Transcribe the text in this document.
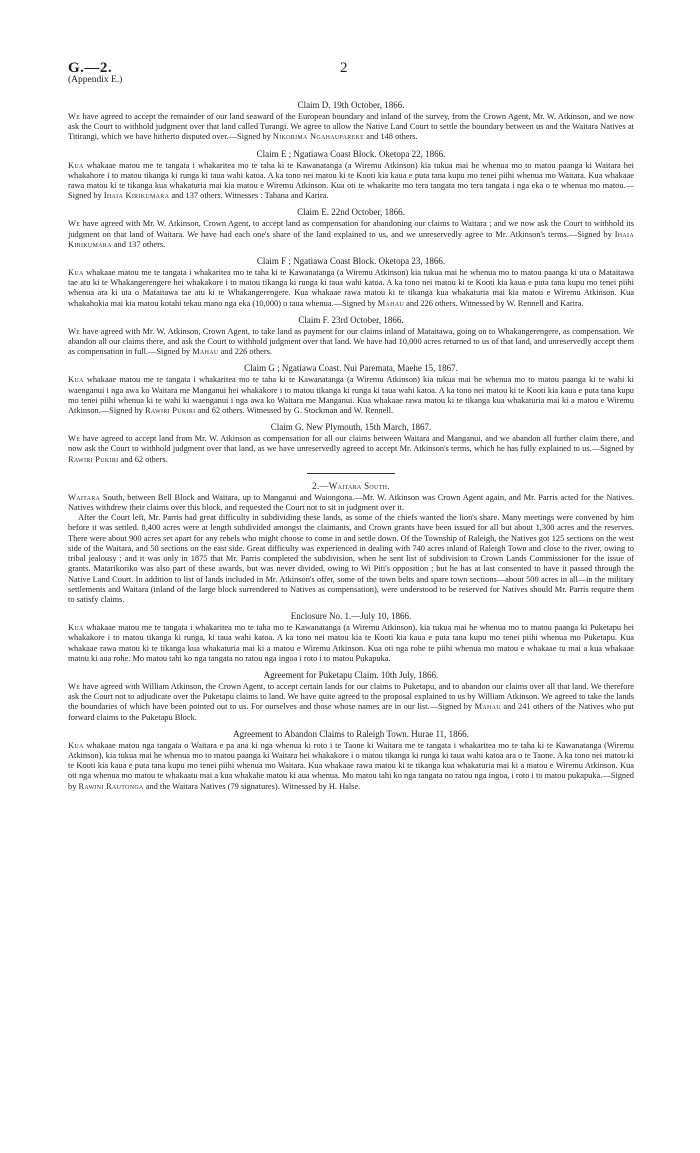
G.—2.
(Appendix E.)
2
Claim D. 19th October, 1866.

We have agreed to accept the remainder of our land seaward of the European boundary and inland of the survey, from the Crown Agent, Mr. W. Atkinson, and we now ask the Court to withhold judgment over that land called Turangi. We agree to allow the Native Land Court to settle the boundary between us and the Waitara Natives at Titirangi, which we have hitherto disputed over.—Signed by Nikorima Ngahaupareke and 148 others.

Claim E ; Ngatiawa Coast Block. Oketopa 22, 1866.

Kua whakaae matou me te tangata i whakaritea mo te taha ki te Kawanatanga (a Wiremu Atkinson) kia tukua mai he whenua mo to matou paanga ki Waitara hei whakahore i to matou tikanga ki runga ki taua wahi katoa. A ka tono nei matou ki te Kooti kia kaua e puta tana kupu mo tenei piihi whenua mo Waitara. Kua whakaae rawa matou ki te tikanga kua whakaturia mai kia matou e Wiremu Atkinson. Kua oti te whakarite mo tera tangata mo tera tangata i nga eka o te whenua mo matou.—Signed by Ihaia Kirikumara and 137 others. Witnesses : Tahana and Karira.

Claim E. 22nd October, 1866.

We have agreed with Mr. W. Atkinson, Crown Agent, to accept land as compensation for abandoning our claims to Waitara ; and we now ask the Court to withhold its judgment on that land of Waitara. We have had each one's share of the land explained to us, and we unreservedly agree to Mr. Atkinson's terms.—Signed by Ihaia Kirikumara and 137 others.

Claim F ; Ngatiawa Coast Block. Oketopa 23, 1866.

Kua whakaae matou me te tangata i whakaritea mo te taha ki te Kawanatanga (a Wiremu Atkinson) kia tukua mai he whenua mo to matou paanga ki uta o Mataitawa tae atu ki te Whakangerengere hei whakakore i to matou tikanga ki runga ki taua wahi katoa. A ka tono nei matou ki te Kooti kia kaua e puta tana kupu mo tenei piihi whenua ara ki uta o Mataitawa tae atu ki te Whakangerengere. Kua whakaae rawa matou ki te tikanga kua whakaturia mai kia matou e Wiremu Atkinson. Kua whakahokia mai kia matou kotahi tekau mano nga eka (10,000) o taua whenua.—Signed by Mahau and 226 others. Witnessed by W. Rennell and Karira.

Claim F. 23rd October, 1866.

We have agreed with Mr. W. Atkinson, Crown Agent, to take land as payment for our claims inland of Mataitawa, going on to Whakangerengere, as compensation. We abandon all our claims there, and ask the Court to withhold judgment over that land. We have had 10,000 acres returned to us of that land, and unreservedly accept them as compensation in full.—Signed by Mahau and 226 others.

Claim G ; Ngatiawa Coast. Nui Paremata, Maehe 15, 1867.

Kua whakaae matou me te tangata i whakaritea mo te taha ki te Kawanatanga (a Wiremu Atkinson) kia tukua mai he whenua mo to matou paanga ki te wahi ki waenganui i nga awa ko Waitara me Manganui hei whakakore i to matou tikanga ki runga ki taua wahi katoa. A ka tono nei matou ki te Kooti kia kaua e puta tana kupu mo tenei piihi whenua ki te wahi ki waenganui i nga awa ko Waitara me Manganui. Kua whakaae rawa matou ki te tikanga kua whakaturia mai ki a matou e Wiremu Atkinson.—Signed by Rawiri Pukiri and 62 others. Witnessed by G. Stockman and W. Rennell.

Claim G. New Plymouth, 15th March, 1867.

We have agreed to accept land from Mr. W. Atkinson as compensation for all our claims between Waitara and Manganui, and we abandon all further claim there, and now ask the Court to withhold judgment over that land, as we have unreservedly agreed to accept Mr. Atkinson's terms, which he has fully explained to us.—Signed by Rawiri Pukiri and 62 others.

2.—Waitara South.

Waitara South, between Bell Block and Waitara, up to Manganui and Waiongona.—Mr. W. Atkinson was Crown Agent again, and Mr. Parris acted for the Natives. Natives withdrew their claims over this block, and requested the Court not to sit in judgment over it.

After the Court left, Mr. Parris had great difficulty in subdividing these lands, as some of the chiefs wanted the lion's share. Many meetings were convened by him before it was settled. 8,400 acres were at length subdivided amongst the claimants, and Crown grants have been issued for all but about 1,300 acres and the reserves. There were about 900 acres set apart for any rebels who might choose to come in and settle down. Of the Township of Raleigh, the Natives got 125 sections on the west side of the Waitara, and 50 sections on the east side. Great difficulty was experienced in dealing with 740 acres inland of Raleigh Town and close to the river, owing to tribal jealousy ; and it was only in 1875 that Mr. Parris completed the subdivision, when he sent list of subdivision to Crown Lands Commissioner for the issue of grants. Matarikoriko was also part of these awards, but was never divided, owing to Wi Piti's opposition ; but he has at last consented to have it passed through the Native Land Court. In addition to list of lands included in Mr. Atkinson's offer, some of the town belts and spare town sections—about 500 acres in all—in the military settlements and Waitara (inland of the large block surrendered to Natives as compensation), were understood to be reserved for Natives should Mr. Parris require them to satisfy claims.

Enclosure No. 1.—July 10, 1866.

Kua whakaae matou me te tangata i whakaritea mo te taha mo te Kawanatanga (a Wiremu Atkinson), kia tukua mai he whenua mo to matou paanga ki Puketapu hei whakakore i to matou tikanga ki runga, ki taua wahi katoa. A ka tono nei matou kia te Kooti kia kaua e puta tana kupu mo tenei piihi whenua mo Puketapu. Kua whakaae rawa matou ki te tikanga kua whakaturia mai ki a matou e Wiremu Atkinson. Kua oti nga rohe te piihi whenua mo matou e whakaae tu mai a kua whakaae matou ki aua rohe. Mo matou tahi ko nga tangata no ratou nga ingoa i roto i to matou Pukapuka.

Agreement for Puketapu Claim. 10th July, 1866.

We have agreed with William Atkinson, the Crown Agent, to accept certain lands for our claims to Puketapu, and to abandon our claims over all that land. We therefore ask the Court not to adjudicate over the Puketapu claims to land. We have quite agreed to the proposal explained to us by William Atkinson. We agreed to take the lands the boundaries of which have been pointed out to us. For ourselves and those whose names are in our list.—Signed by Mahau and 241 others of the Natives who put forward claims to the Puketapu Block.

Agreement to Abandon Claims to Raleigh Town. Hurae 11, 1866.

Kua whakaae matou nga tangata o Waitara e pa ana ki nga whenua ki roto i te Taone ki Waitara me te tangata i whakaritea mo te taha ki te Kawanatanga (Wiremu Atkinson), kia tukua mai he whenua mo to matou paanga ki Waitara hei whakakore i o matou tikanga ki runga ki taua wahi katoa ara o te Taone. A ka tono nei matou ki te Kooti kia kaua e puta tana kupu mo tenei piihi whenua mo Waitara. Kua whakaae rawa matou ki te tikanga kua whakaturia mai ki a matou e Wiremu Atkinson. Kua oti nga whenua mo matou te whakaatu mai a kua whakahe matou ki aua whenua. Mo matou tahi ko nga tangata no ratou nga ingoa, i roto i to matou pukapuka.—Signed by Rawini Rautonga and the Waitara Natives (79 signatures). Witnessed by H. Halse.
